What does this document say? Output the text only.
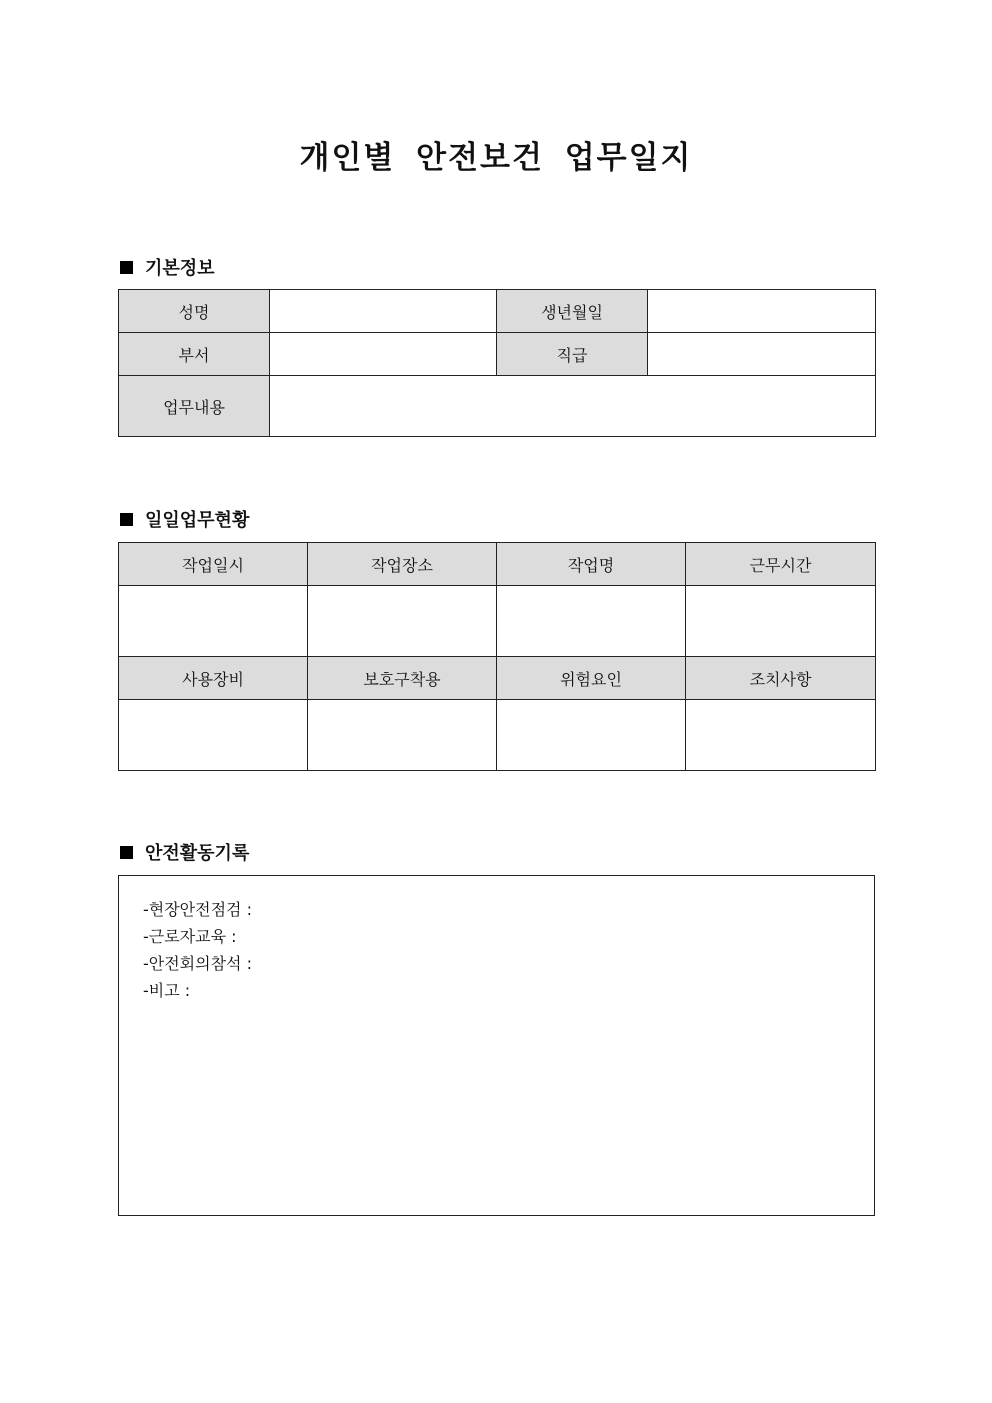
개인별 안전보건 업무일지
기본정보
성명		생년월일	
부서		직급	
업무내용			
일일업무현황
작업일시	작업장소	작업명	근무시간

사용장비	보호구착용	위험요인	조치사항

안전활동기록
-현장안전점검 :
-근로자교육 :
-안전회의참석 :
-비고 :
